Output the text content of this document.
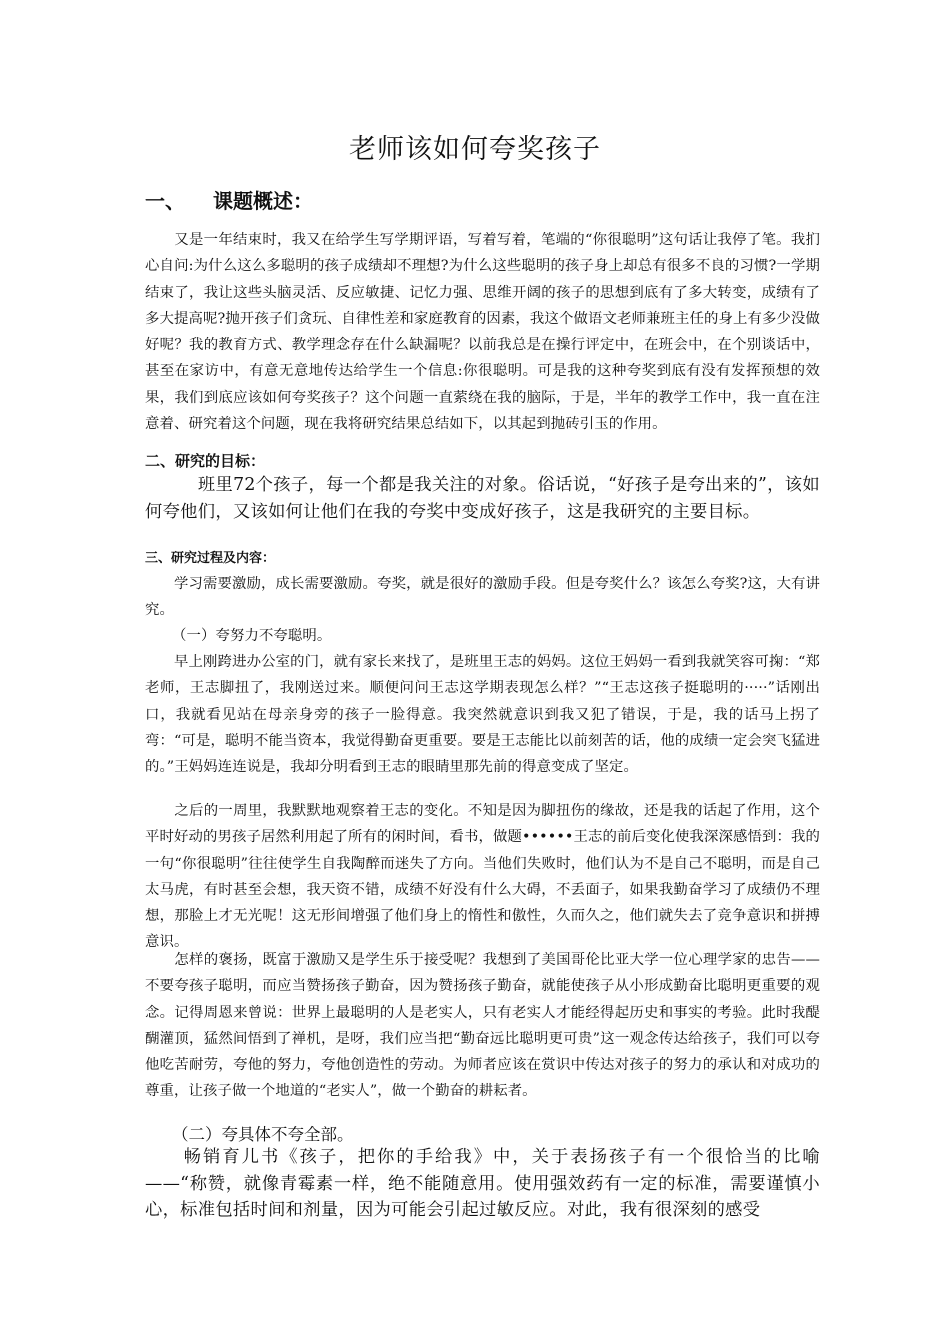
老师该如何夸奖孩子
一、 课题概述：

　　又是一年结束时，我又在给学生写学期评语，写着写着，笔端的“你很聪明”这句话让我停了笔。我扪心自问:为什么这么多聪明的孩子成绩却不理想?为什么这些聪明的孩子身上却总有很多不良的习惯?一学期结束了，我让这些头脑灵活、反应敏捷、记忆力强、思维开阔的孩子的思想到底有了多大转变，成绩有了多大提高呢?抛开孩子们贪玩、自律性差和家庭教育的因素，我这个做语文老师兼班主任的身上有多少没做好呢？我的教育方式、教学理念存在什么缺漏呢？以前我总是在操行评定中，在班会中，在个别谈话中，甚至在家访中，有意无意地传达给学生一个信息:你很聪明。可是我的这种夸奖到底有没有发挥预想的效果，我们到底应该如何夸奖孩子？这个问题一直萦绕在我的脑际，于是，半年的教学工作中，我一直在注意着、研究着这个问题，现在我将研究结果总结如下，以其起到抛砖引玉的作用。

二、研究的目标：

　　　班里72个孩子，每一个都是我关注的对象。俗话说，“好孩子是夸出来的”，该如何夸他们，又该如何让他们在我的夸奖中变成好孩子，这是我研究的主要目标。

三、研究过程及内容：

　　学习需要激励，成长需要激励。夸奖，就是很好的激励手段。但是夸奖什么？该怎么夸奖?这，大有讲究。

（一）夸努力不夸聪明。

　　早上刚跨进办公室的门，就有家长来找了，是班里王志的妈妈。这位王妈妈一看到我就笑容可掬：“郑老师，王志脚扭了，我刚送过来。顺便问问王志这学期表现怎么样？”“王志这孩子挺聪明的·····”话刚出口，我就看见站在母亲身旁的孩子一脸得意。我突然就意识到我又犯了错误，于是，我的话马上拐了弯：“可是，聪明不能当资本，我觉得勤奋更重要。要是王志能比以前刻苦的话，他的成绩一定会突飞猛进的。”王妈妈连连说是，我却分明看到王志的眼睛里那先前的得意变成了坚定。

　　之后的一周里，我默默地观察着王志的变化。不知是因为脚扭伤的缘故，还是我的话起了作用，这个平时好动的男孩子居然利用起了所有的闲时间，看书，做题••••••王志的前后变化使我深深感悟到：我的一句“你很聪明”往往使学生自我陶醉而迷失了方向。当他们失败时，他们认为不是自己不聪明，而是自己太马虎，有时甚至会想，我天资不错，成绩不好没有什么大碍，不丢面子，如果我勤奋学习了成绩仍不理想，那脸上才无光呢！这无形间增强了他们身上的惰性和傲性，久而久之，他们就失去了竞争意识和拼搏意识。

　　怎样的褒扬，既富于激励又是学生乐于接受呢？我想到了美国哥伦比亚大学一位心理学家的忠告——不要夸孩子聪明，而应当赞扬孩子勤奋，因为赞扬孩子勤奋，就能使孩子从小形成勤奋比聪明更重要的观念。记得周恩来曾说：世界上最聪明的人是老实人，只有老实人才能经得起历史和事实的考验。此时我醍醐灌顶，猛然间悟到了禅机，是呀，我们应当把“勤奋远比聪明更可贵”这一观念传达给孩子，我们可以夸他吃苦耐劳，夸他的努力，夸他创造性的劳动。为师者应该在赏识中传达对孩子的努力的承认和对成功的尊重，让孩子做一个地道的“老实人”，做一个勤奋的耕耘者。

（二）夸具体不夸全部。

　　畅销育儿书《孩子，把你的手给我》中，关于表扬孩子有一个很恰当的比喻——“称赞，就像青霉素一样，绝不能随意用。使用强效药有一定的标准，需要谨慎小心，标准包括时间和剂量，因为可能会引起过敏反应。对此，我有很深刻的感受
